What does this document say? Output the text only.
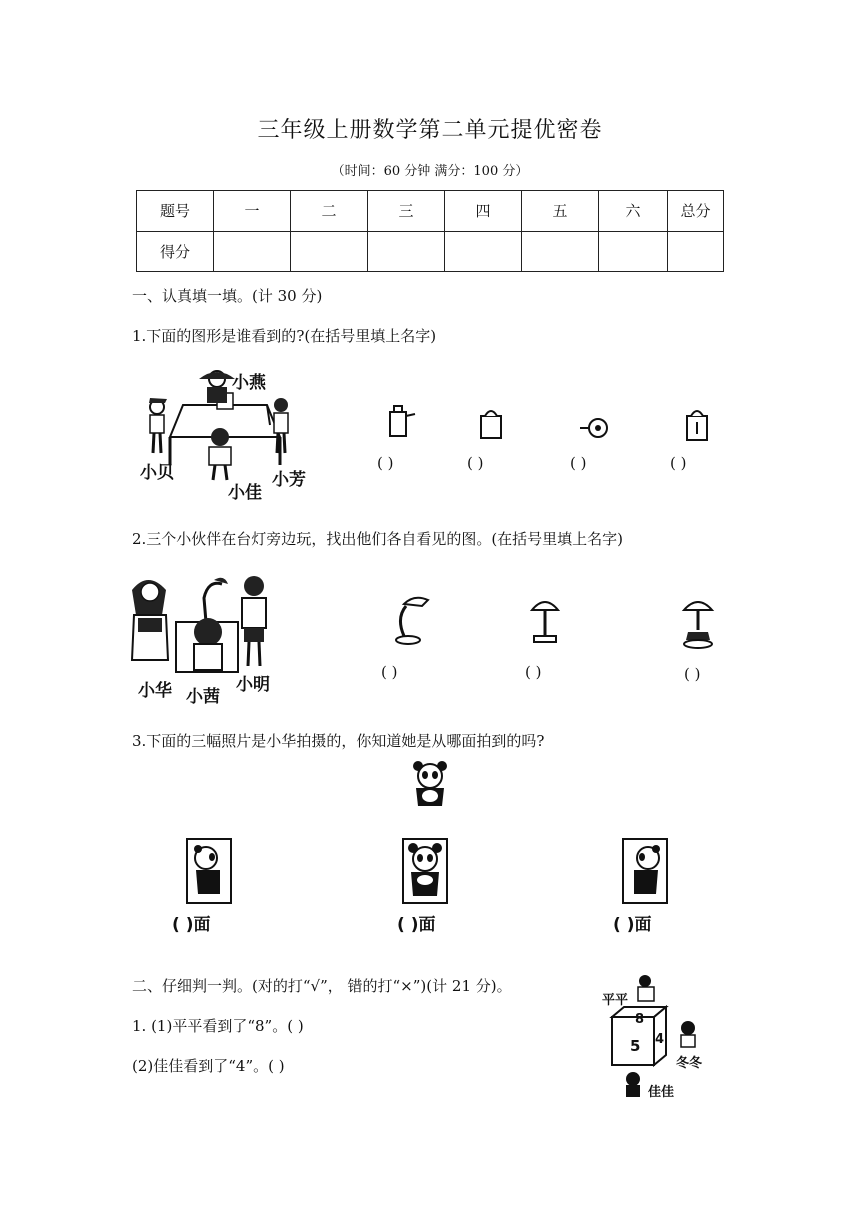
三年级上册数学第二单元提优密卷
（时间：60 分钟 满分：100 分）
题号	一	二	三	四	五	六	总分
得分							
一、认真填一填。(计 30 分)
1.下面的图形是谁看到的?(在括号里填上名字)
小燕
小贝
小佳
小芳
( )	( )	( )	( )
2.三个小伙伴在台灯旁边玩，找出他们各自看见的图。(在括号里填上名字)
小华 小茜
小明
( )	( )	( )
3.下面的三幅照片是小华拍摄的，你知道她是从哪面拍到的吗?
( )面	( )面	( )面
二、仔细判一判。(对的打“√”， 错的打“×”)(计 21 分)。
1. (1)平平看到了“8”。( )
(2)佳佳看到了“4”。( )
平平
8
5 4
冬冬
佳佳
